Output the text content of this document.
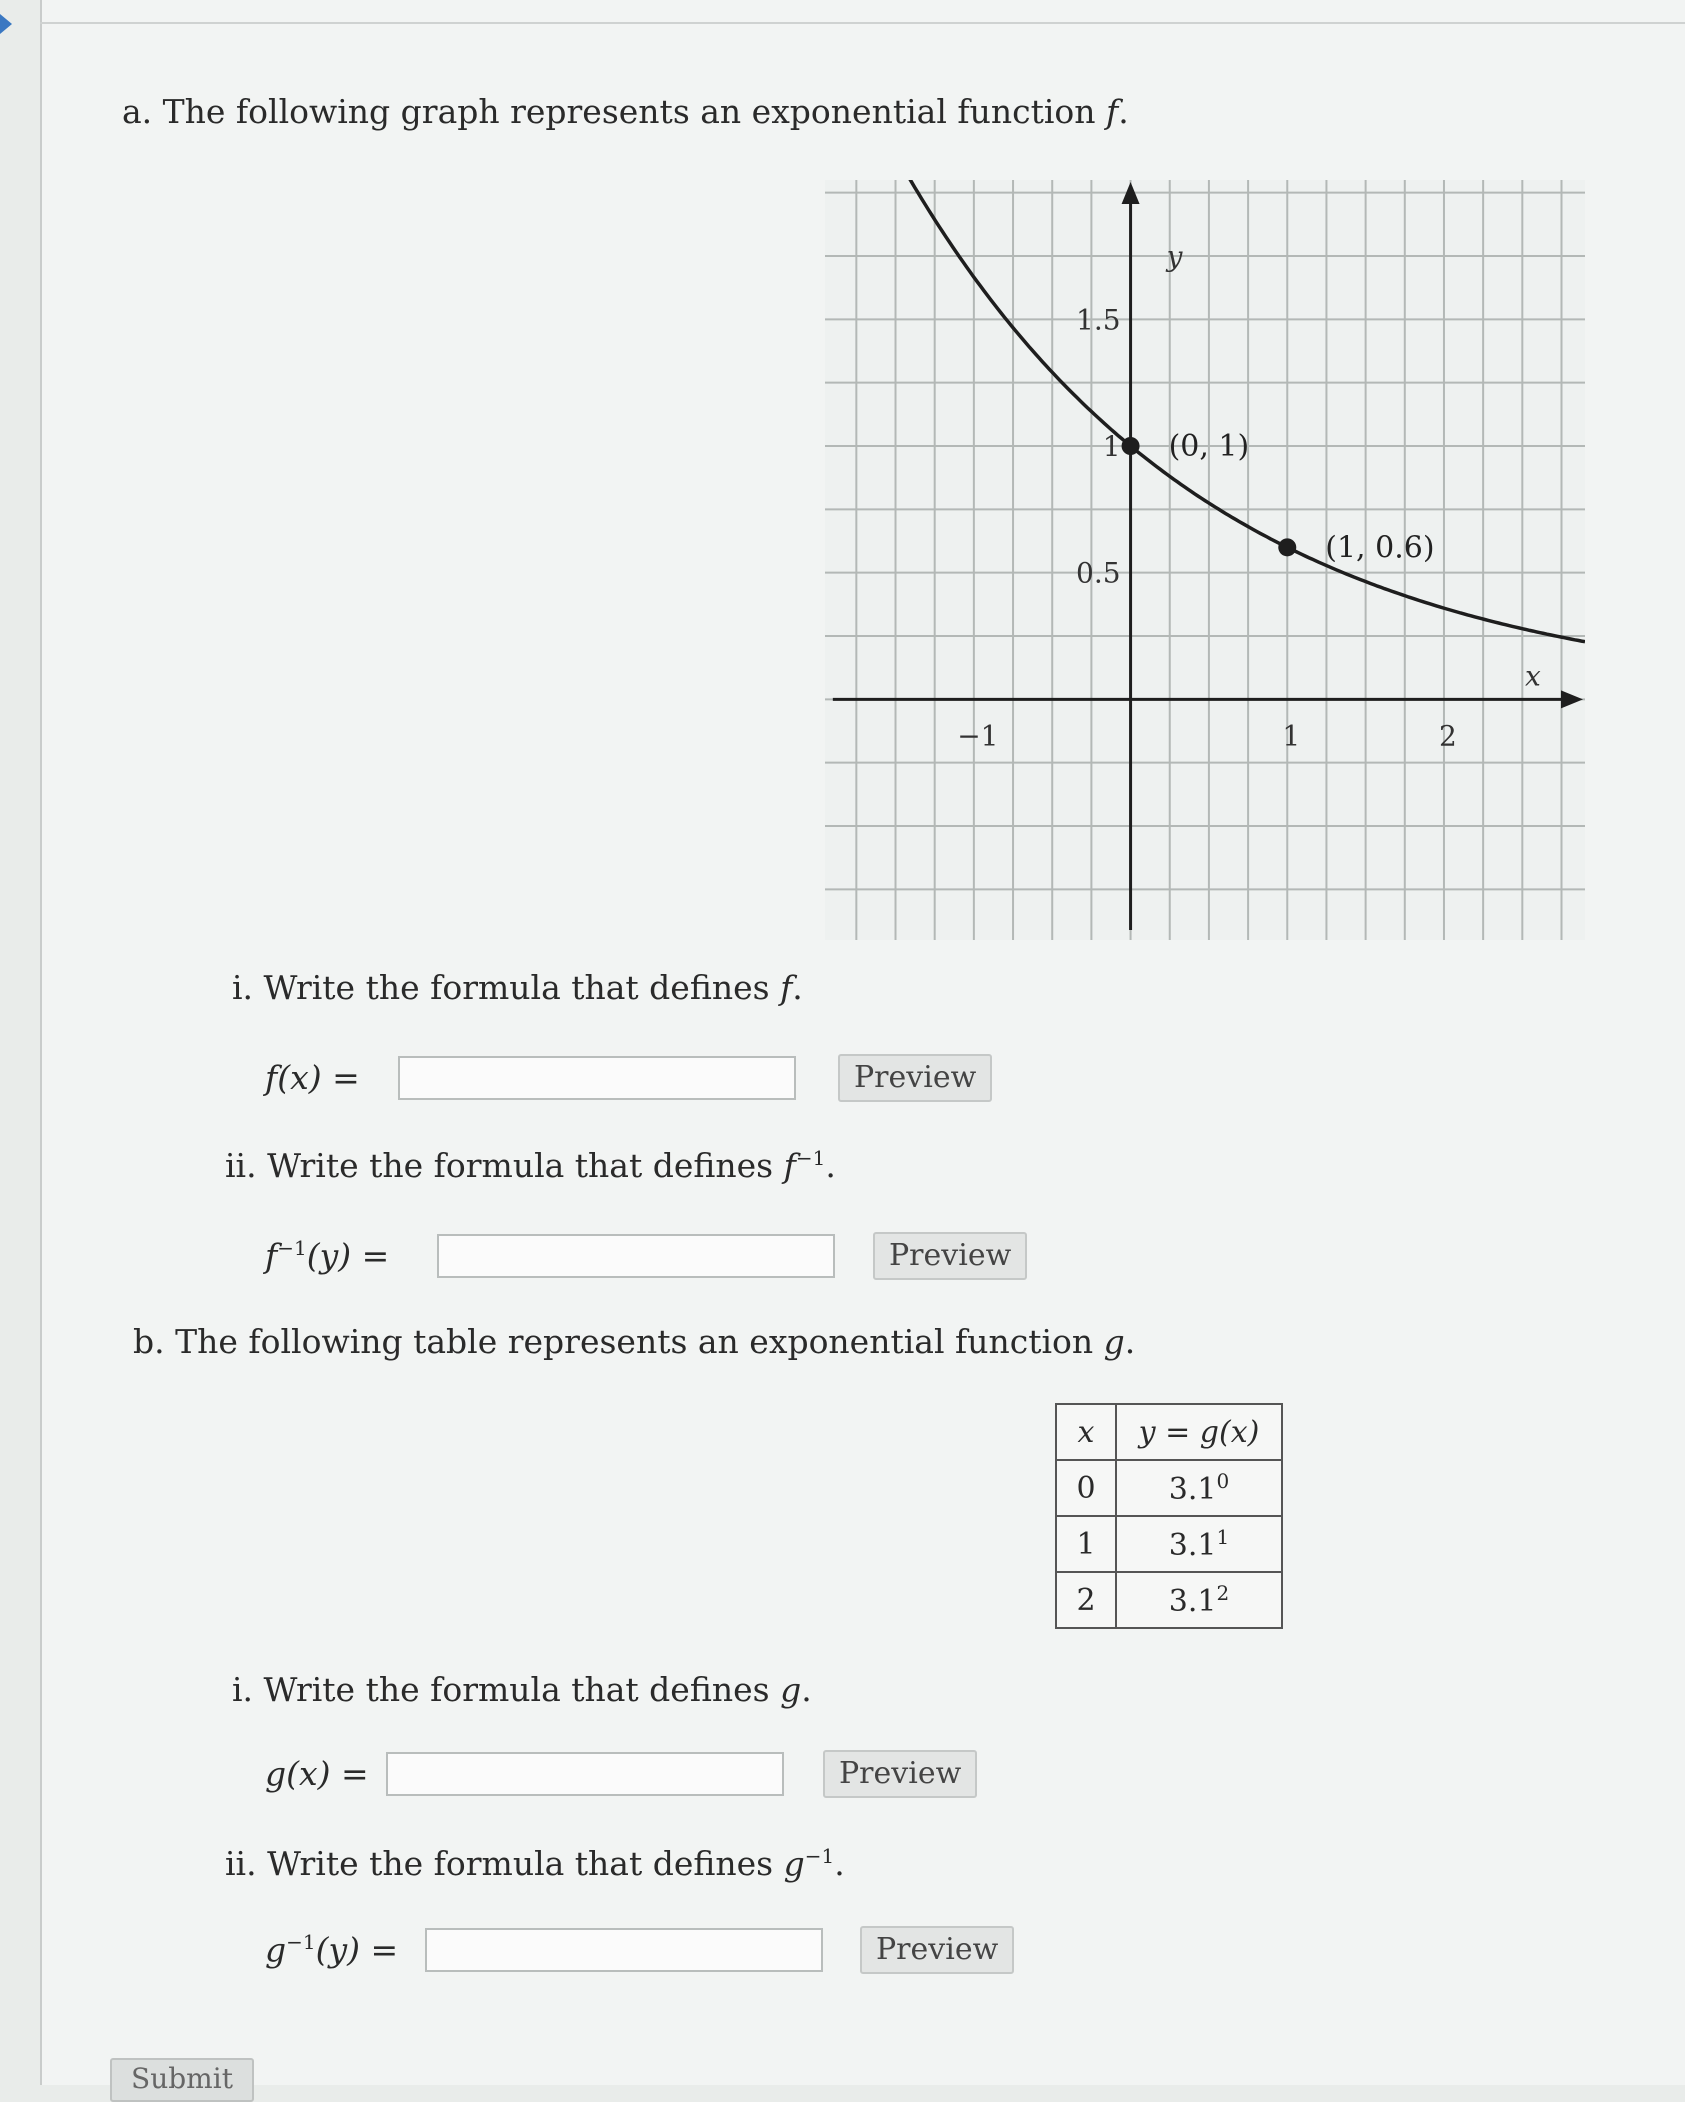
a. The following graph represents an exponential function f.
−1	1	2
1.5
1
0.5
x
y
(0, 1)
(1, 0.6)
i. Write the formula that defines f.
f(x) =	Preview
ii. Write the formula that defines $f^{-1}$.
$f^{-1}(y)$ =	Preview
b. The following table represents an exponential function g.
x	y = g(x)
0	$3.1^0$
1	$3.1^1$
2	$3.1^2$
i. Write the formula that defines g.
g(x) =	Preview
ii. Write the formula that defines $g^{-1}$.
$g^{-1}(y)$ =	Preview
Submit
